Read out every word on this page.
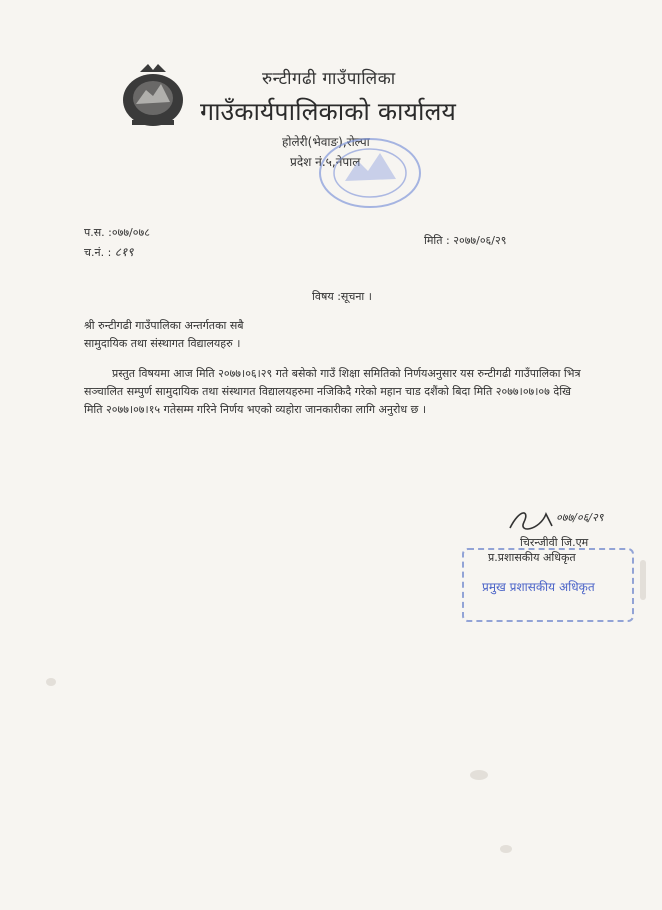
रुन्टीगढी गाउँपालिका
गाउँकार्यपालिकाको कार्यालय
होलेरी(भेवाङ),रोल्पा
प्रदेश नं.५,नेपाल
प.स. :०७७/०७८
च.नं. : ८१९
मिति : २०७७/०६/२९
विषय :सूचना ।
श्री रुन्टीगढी गाउँपालिका अन्तर्गतका सबै
सामुदायिक तथा संस्थागत विद्यालयहरु ।
प्रस्तुत विषयमा आज मिति २०७७।०६।२९ गते बसेको गाउँ शिक्षा समितिको निर्णयअनुसार यस रुन्टीगढी गाउँपालिका भित्र सञ्चालित सम्पुर्ण सामुदायिक तथा संस्थागत विद्यालयहरुमा नजिकिदै गरेको महान चाड दशैंको बिदा मिति २०७७।०७।०७ देखि मिति २०७७।०७।१५ गतेसम्म गरिने निर्णय भएको व्यहोरा जानकारीका लागि अनुरोध छ ।
०७७/०६/२९
चिरन्जीवी जि.एम
प्र.प्रशासकीय अधिकृत
प्रमुख प्रशासकीय अधिकृत
